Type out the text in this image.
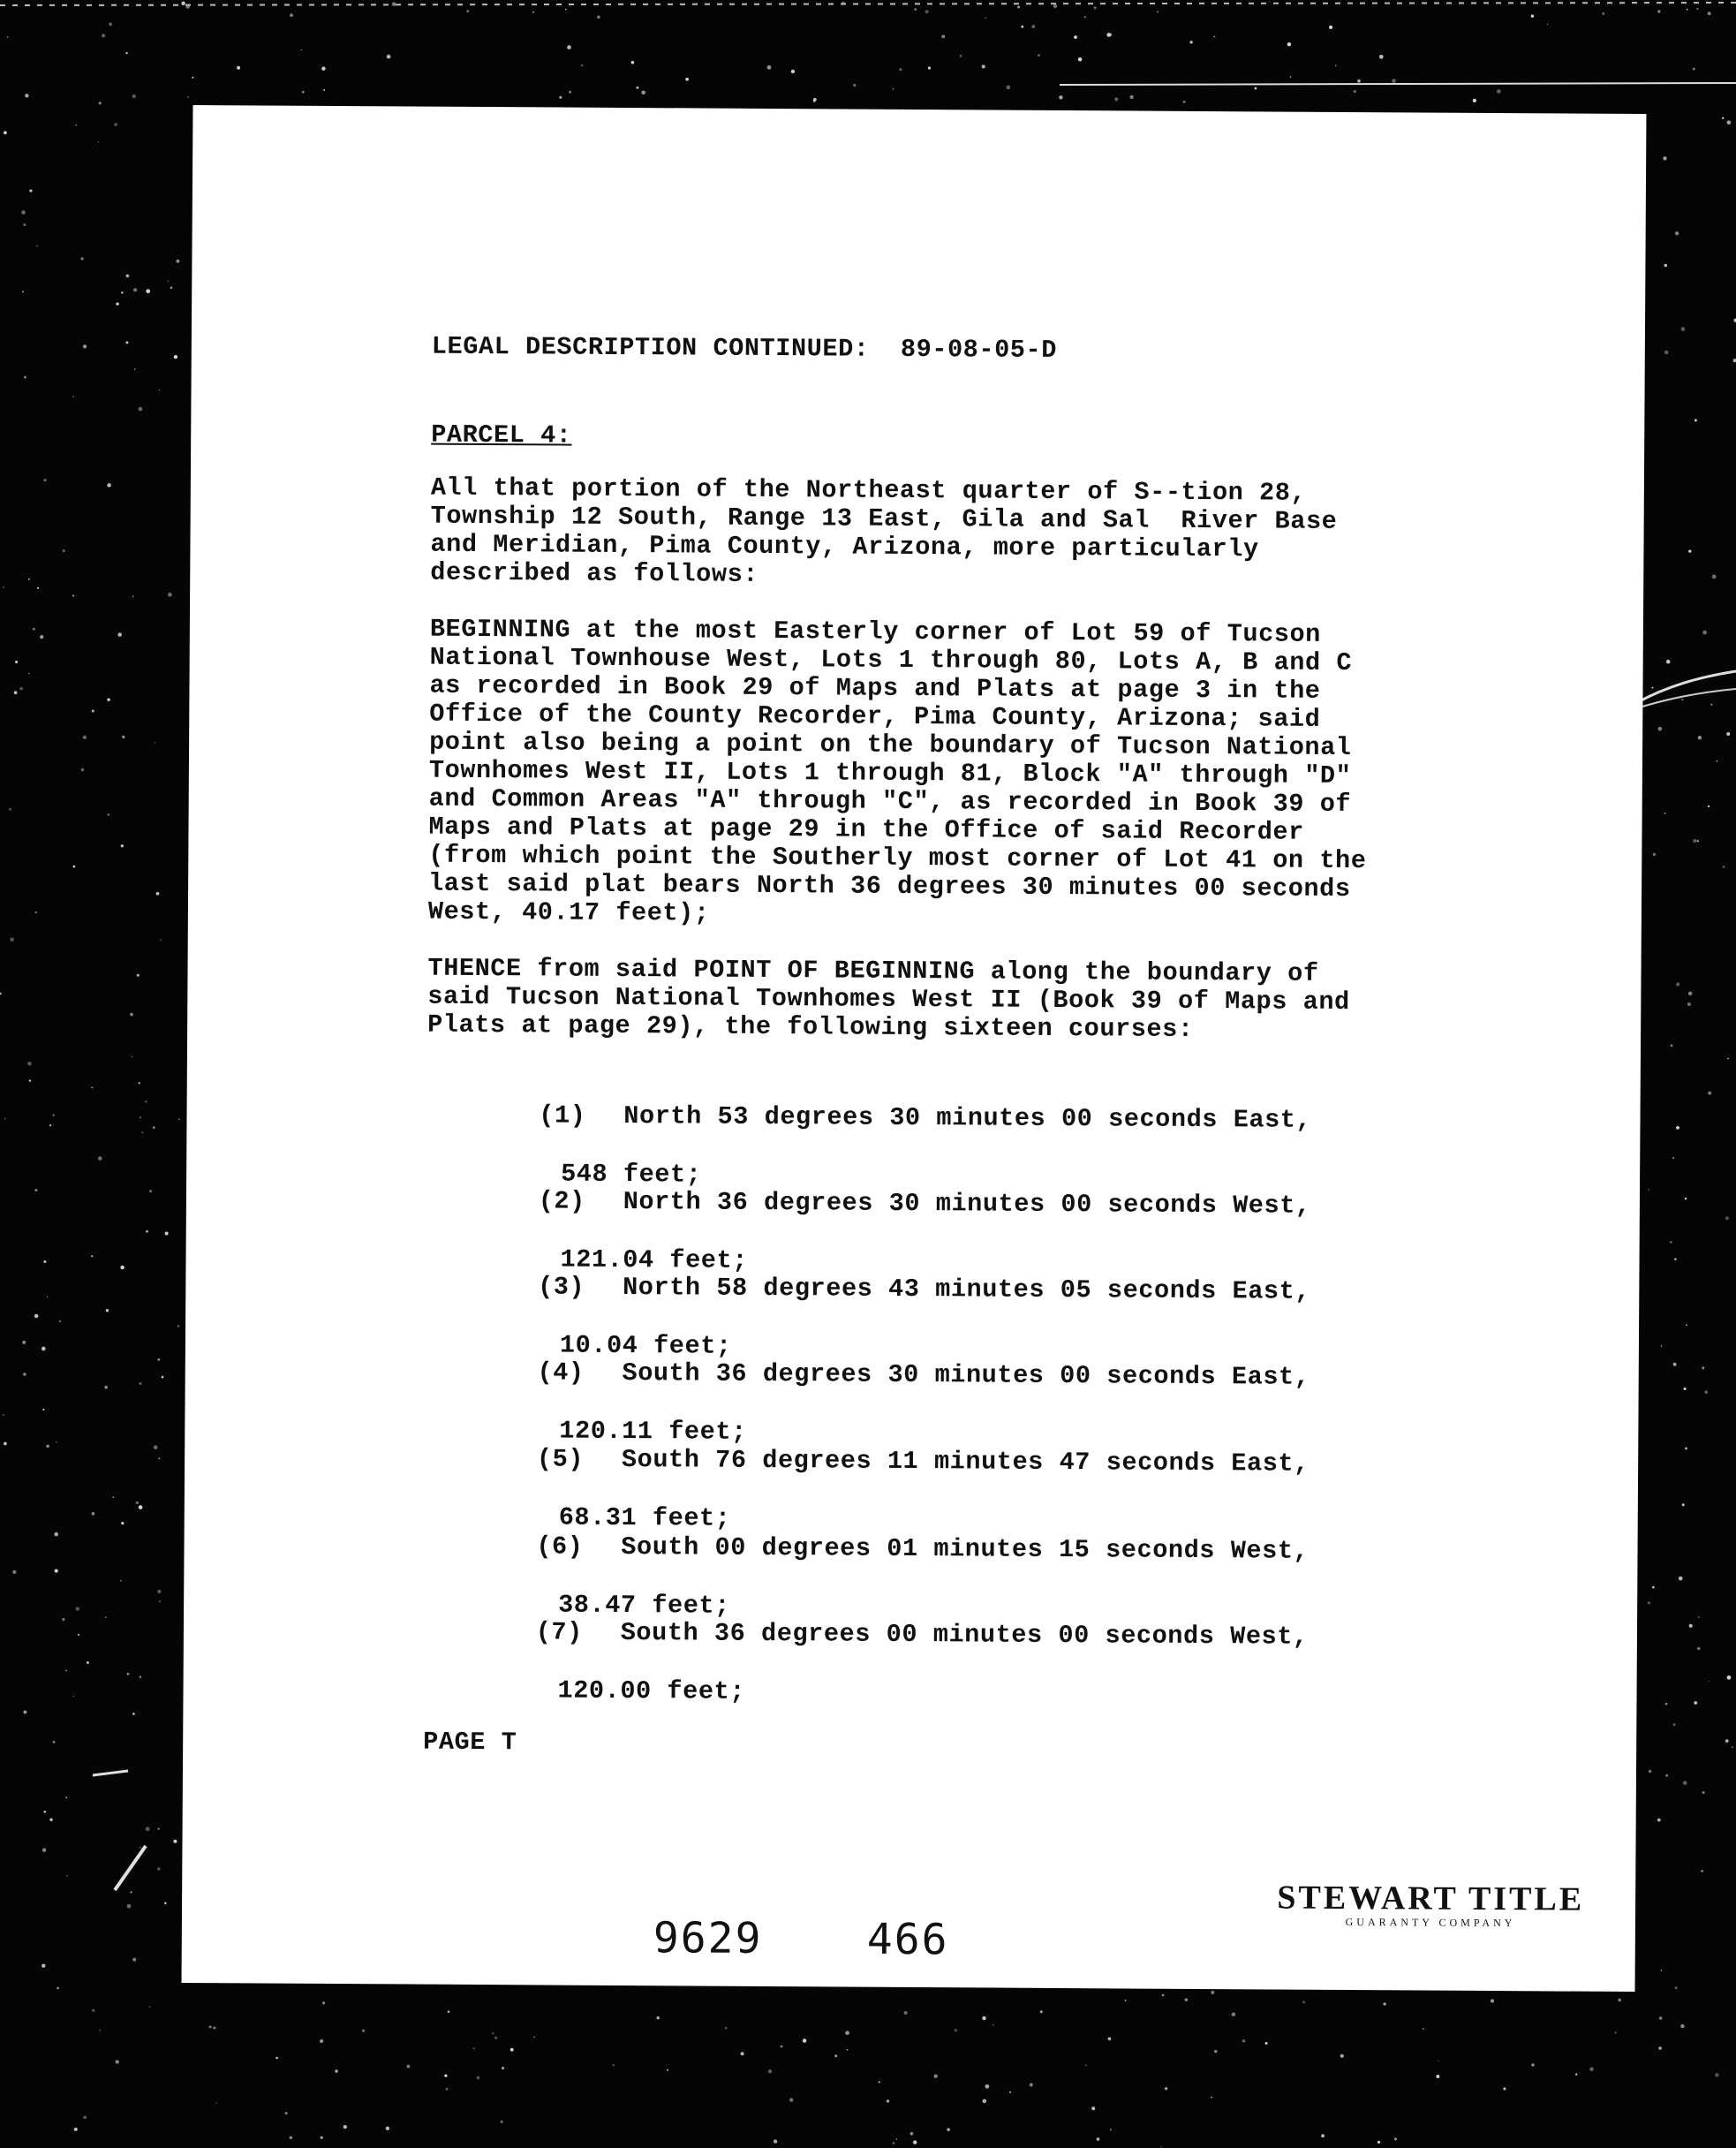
LEGAL DESCRIPTION CONTINUED:  89-08-05-D
PARCEL 4:
All that portion of the Northeast quarter of S--tion 28,
Township 12 South, Range 13 East, Gila and Sal  River Base
and Meridian, Pima County, Arizona, more particularly
described as follows:
BEGINNING at the most Easterly corner of Lot 59 of Tucson
National Townhouse West, Lots 1 through 80, Lots A, B and C
as recorded in Book 29 of Maps and Plats at page 3 in the
Office of the County Recorder, Pima County, Arizona; said
point also being a point on the boundary of Tucson National
Townhomes West II, Lots 1 through 81, Block "A" through "D"
and Common Areas "A" through "C", as recorded in Book 39 of
Maps and Plats at page 29 in the Office of said Recorder
(from which point the Southerly most corner of Lot 41 on the
last said plat bears North 36 degrees 30 minutes 00 seconds
West, 40.17 feet);
THENCE from said POINT OF BEGINNING along the boundary of
said Tucson National Townhomes West II (Book 39 of Maps and
Plats at page 29), the following sixteen courses:

(1) North 53 degrees 30 minutes 00 seconds East,

548 feet;

(2) North 36 degrees 30 minutes 00 seconds West,

121.04 feet;

(3) North 58 degrees 43 minutes 05 seconds East,

10.04 feet;

(4) South 36 degrees 30 minutes 00 seconds East,

120.11 feet;

(5) South 76 degrees 11 minutes 47 seconds East,

68.31 feet;

(6) South 00 degrees 01 minutes 15 seconds West,

38.47 feet;

(7) South 36 degrees 00 minutes 00 seconds West,

120.00 feet;

PAGE T
STEWART TITLE
GUARANTY COMPANY
9629 466
